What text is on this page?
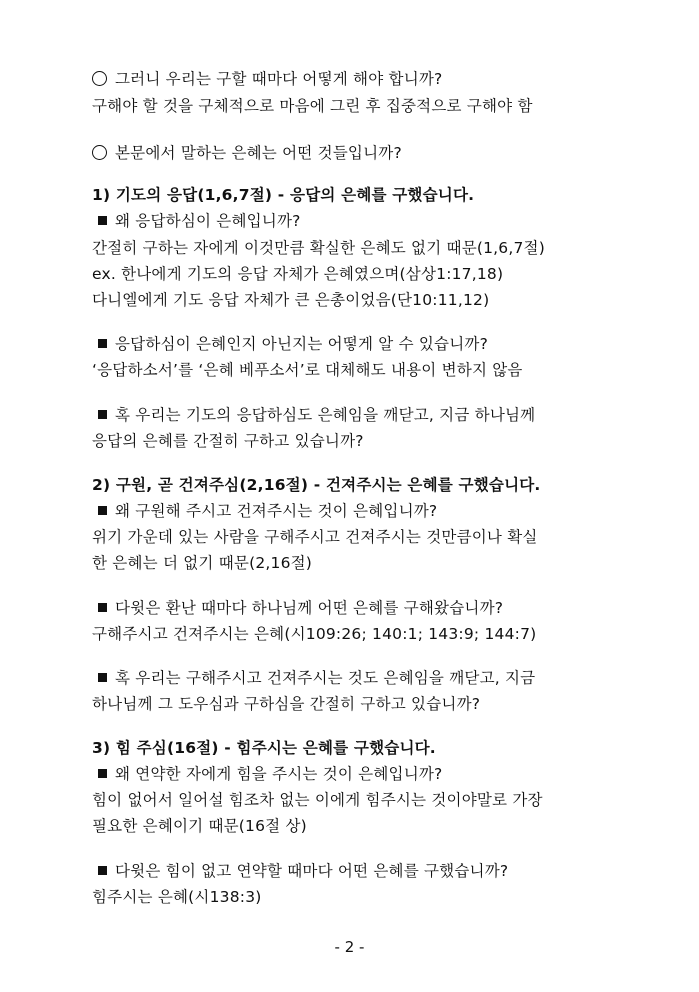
그러니 우리는 구할 때마다 어떻게 해야 합니까?
구해야 할 것을 구체적으로 마음에 그린 후 집중적으로 구해야 함
본문에서 말하는 은혜는 어떤 것들입니까?
1) 기도의 응답(1,6,7절) - 응답의 은혜를 구했습니다.
왜 응답하심이 은혜입니까?
간절히 구하는 자에게 이것만큼 확실한 은혜도 없기 때문(1,6,7절)
ex. 한나에게 기도의 응답 자체가 은혜였으며(삼상1:17,18)
다니엘에게 기도 응답 자체가 큰 은총이었음(단10:11,12)
응답하심이 은혜인지 아닌지는 어떻게 알 수 있습니까?
‘응답하소서’를 ‘은혜 베푸소서’로 대체해도 내용이 변하지 않음
혹 우리는 기도의 응답하심도 은혜임을 깨닫고, 지금 하나님께
응답의 은혜를 간절히 구하고 있습니까?
2) 구원, 곧 건져주심(2,16절) - 건져주시는 은혜를 구했습니다.
왜 구원해 주시고 건져주시는 것이 은혜입니까?
위기 가운데 있는 사람을 구해주시고 건져주시는 것만큼이나 확실
한 은혜는 더 없기 때문(2,16절)
다윗은 환난 때마다 하나님께 어떤 은혜를 구해왔습니까?
구해주시고 건져주시는 은혜(시109:26; 140:1; 143:9; 144:7)
혹 우리는 구해주시고 건져주시는 것도 은혜임을 깨닫고, 지금
하나님께 그 도우심과 구하심을 간절히 구하고 있습니까?
3) 힘 주심(16절) - 힘주시는 은혜를 구했습니다.
왜 연약한 자에게 힘을 주시는 것이 은혜입니까?
힘이 없어서 일어설 힘조차 없는 이에게 힘주시는 것이야말로 가장
필요한 은혜이기 때문(16절 상)
다윗은 힘이 없고 연약할 때마다 어떤 은혜를 구했습니까?
힘주시는 은혜(시138:3)
- 2 -
